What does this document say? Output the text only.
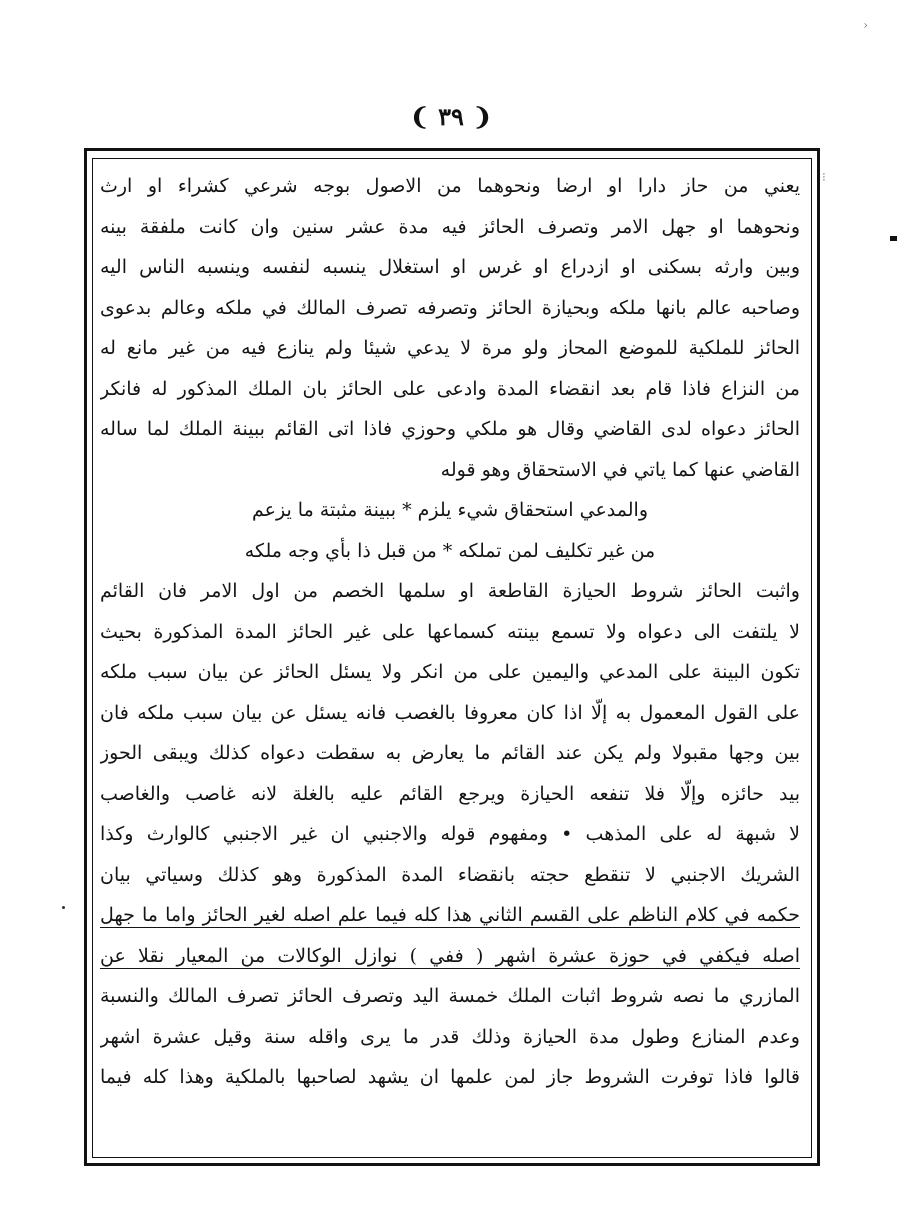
›
⁝
❨ ٣٩ ❩
يعني من حاز دارا او ارضا ونحوهما من الاصول بوجه شرعي كشراء او ارث
ونحوهما او جهل الامر وتصرف الحائز فيه مدة عشر سنين وان كانت ملفقة بينه
وبين وارثه بسكنى او ازدراع او غرس او استغلال ينسبه لنفسه وينسبه الناس اليه
وصاحبه عالم بانها ملكه وبحيازة الحائز وتصرفه تصرف المالك في ملكه وعالم بدعوى
الحائز للملكية للموضع المحاز ولو مرة لا يدعي شيئا ولم ينازع فيه من غير مانع له
من النزاع فاذا قام بعد انقضاء المدة وادعى على الحائز بان الملك المذكور له فانكر
الحائز دعواه لدى القاضي وقال هو ملكي وحوزي فاذا اتى القائم ببينة الملك لما ساله
القاضي عنها كما ياتي في الاستحقاق وهو قوله
والمدعي استحقاق شيء يلزم * ببينة مثبتة ما يزعم
من غير تكليف لمن تملكه * من قبل ذا بأي وجه ملكه
واثبت الحائز شروط الحيازة القاطعة او سلمها الخصم من اول الامر فان القائم
لا يلتفت الى دعواه ولا تسمع بينته كسماعها على غير الحائز المدة المذكورة بحيث
تكون البينة على المدعي واليمين على من انكر ولا يسئل الحائز عن بيان سبب ملكه
على القول المعمول به إلّا اذا كان معروفا بالغصب فانه يسئل عن بيان سبب ملكه فان
بين وجها مقبولا ولم يكن عند القائم ما يعارض به سقطت دعواه كذلك ويبقى الحوز
بيد حائزه وإلّا فلا تنفعه الحيازة ويرجع القائم عليه بالغلة لانه غاصب والغاصب
لا شبهة له على المذهب • ومفهوم قوله والاجنبي ان غير الاجنبي كالوارث وكذا
الشريك الاجنبي لا تنقطع حجته بانقضاء المدة المذكورة وهو كذلك وسياتي بيان
حكمه في كلام الناظم على القسم الثاني هذا كله فيما علم اصله لغير الحائز واما ما جهل
اصله فيكفي في حوزة عشرة اشهر ( ففي ) نوازل الوكالات من المعيار نقلا عن
المازري ما نصه شروط اثبات الملك خمسة اليد وتصرف الحائز تصرف المالك والنسبة
وعدم المنازع وطول مدة الحيازة وذلك قدر ما يرى واقله سنة وقيل عشرة اشهر
قالوا فاذا توفرت الشروط جاز لمن علمها ان يشهد لصاحبها بالملكية وهذا كله فيما
